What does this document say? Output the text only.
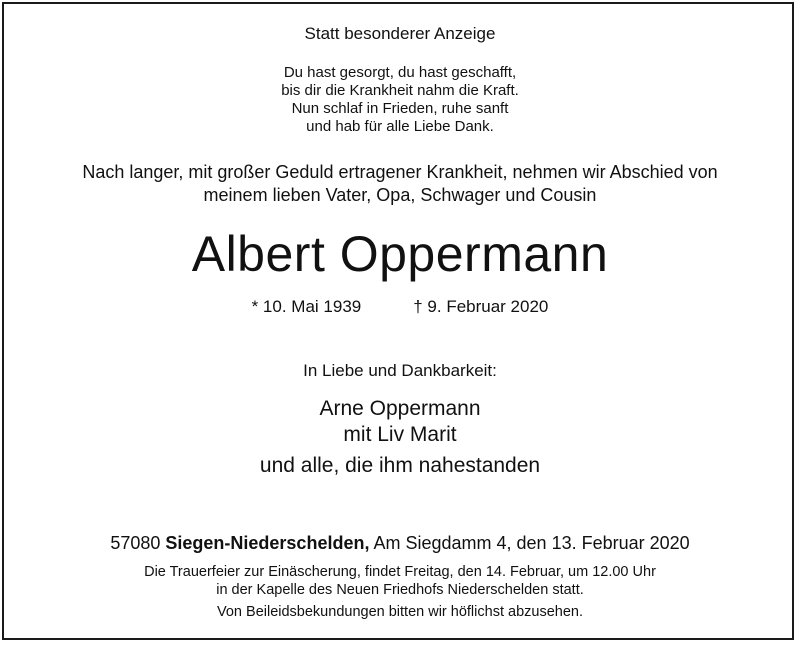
Statt besonderer Anzeige
Du hast gesorgt, du hast geschafft,
bis dir die Krankheit nahm die Kraft.
Nun schlaf in Frieden, ruhe sanft
und hab für alle Liebe Dank.
Nach langer, mit großer Geduld ertragener Krankheit, nehmen wir Abschied von
meinem lieben Vater, Opa, Schwager und Cousin
Albert Oppermann
* 10. Mai 1939	† 9. Februar 2020
In Liebe und Dankbarkeit:
Arne Oppermann
mit Liv Marit
und alle, die ihm nahestanden
57080 Siegen-Niederschelden, Am Siegdamm 4, den 13. Februar 2020
Die Trauerfeier zur Einäscherung, findet Freitag, den 14. Februar, um 12.00 Uhr
in der Kapelle des Neuen Friedhofs Niederschelden statt.
Von Beileidsbekundungen bitten wir höflichst abzusehen.
